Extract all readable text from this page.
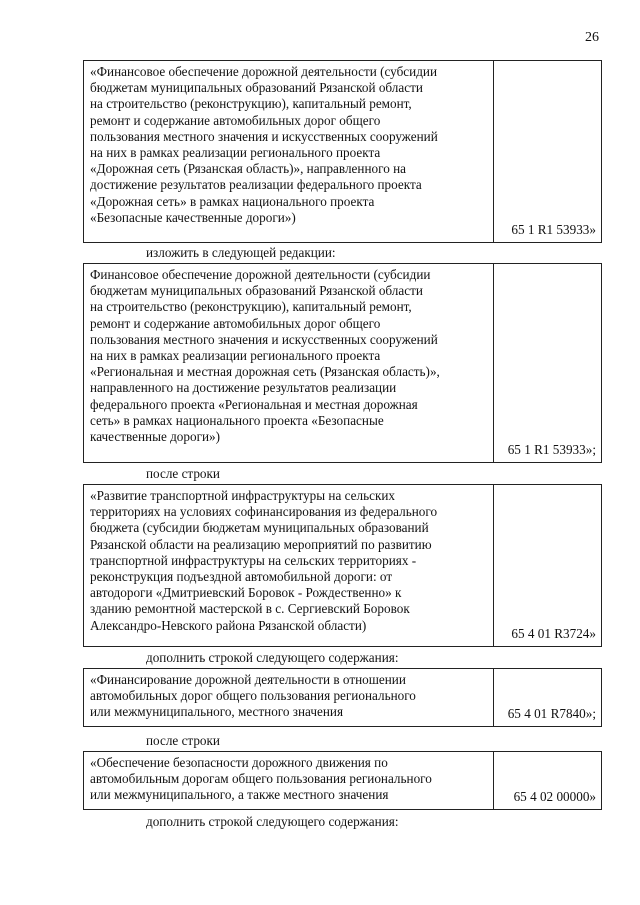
26
«Финансовое обеспечение дорожной деятельности (субсидии
бюджетам муниципальных образований Рязанской области
на строительство (реконструкцию), капитальный ремонт,
ремонт и содержание автомобильных дорог общего
пользования местного значения и искусственных сооружений
на них в рамках реализации регионального проекта
«Дорожная сеть (Рязанская область)», направленного на
достижение результатов реализации федерального проекта
«Дорожная сеть» в рамках национального проекта
«Безопасные качественные дороги»)
65 1 R1 53933»
изложить в следующей редакции:
Финансовое обеспечение дорожной деятельности (субсидии
бюджетам муниципальных образований Рязанской области
на строительство (реконструкцию), капитальный ремонт,
ремонт и содержание автомобильных дорог общего
пользования местного значения и искусственных сооружений
на них в рамках реализации регионального проекта
«Региональная и местная дорожная сеть (Рязанская область)»,
направленного на достижение результатов реализации
федерального проекта «Региональная и местная дорожная
сеть» в рамках национального проекта «Безопасные
качественные дороги»)
65 1 R1 53933»;
после строки
«Развитие транспортной инфраструктуры на сельских
территориях на условиях софинансирования из федерального
бюджета (субсидии бюджетам муниципальных образований
Рязанской области на реализацию мероприятий по развитию
транспортной инфраструктуры на сельских территориях -
реконструкция подъездной автомобильной дороги: от
автодороги «Дмитриевский Боровок - Рождественно» к
зданию ремонтной мастерской в с. Сергиевский Боровок
Александро-Невского района Рязанской области)
65 4 01 R3724»
дополнить строкой следующего содержания:
«Финансирование дорожной деятельности в отношении
автомобильных дорог общего пользования регионального
или межмуниципального, местного значения	65 4 01 R7840»;
после строки
«Обеспечение безопасности дорожного движения по
автомобильным дорогам общего пользования регионального
или межмуниципального, а также местного значения	65 4 02 00000»
дополнить строкой следующего содержания:
